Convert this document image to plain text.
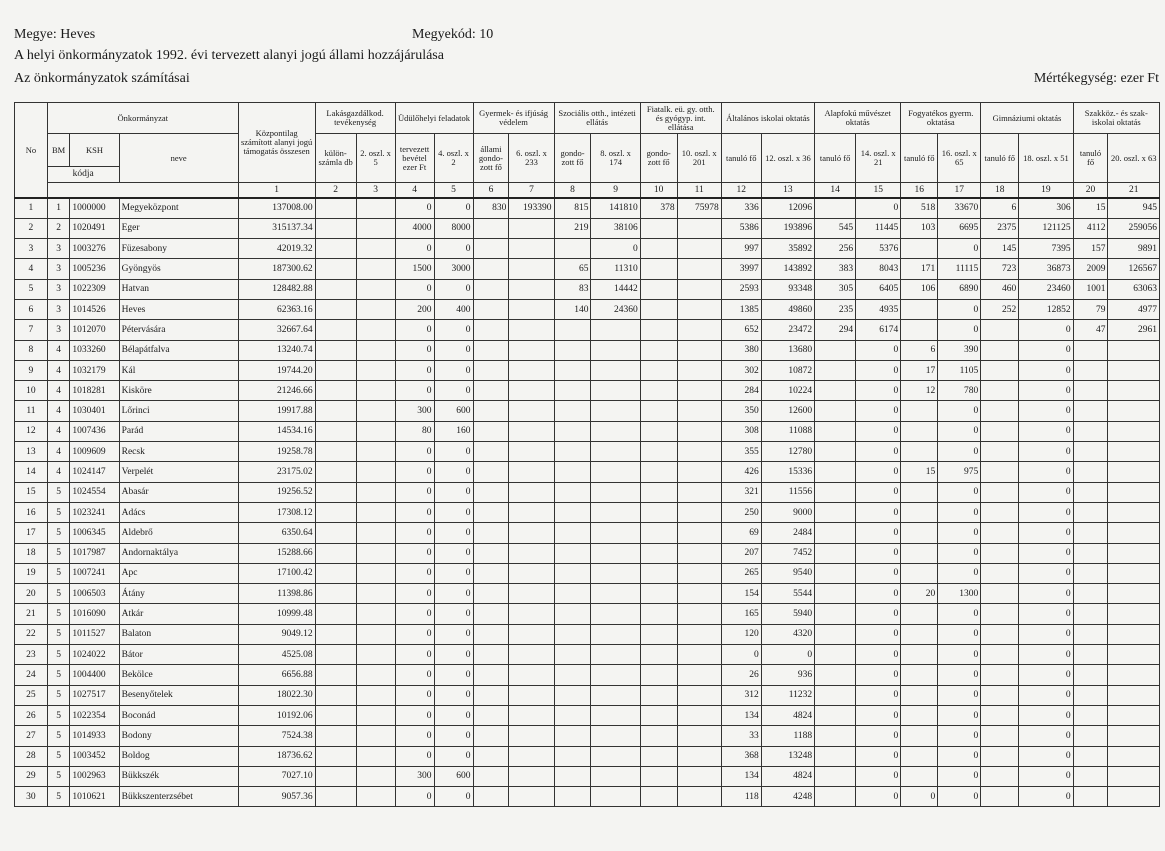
Megye: Heves	Megyekód: 10
A helyi önkormányzatok 1992. évi tervezett alanyi jogú állami hozzájárulása
Az önkormányzatok számításai	Mértékegység: ezer Ft
No	Önkormányzat			Központilag számított alanyi jogú támogatás összesen	Lakásgazdálkod. tevékenység		Üdülőhelyi feladatok		Gyermek- és ifjúság védelem		Szociális otth., intézeti ellátás		Fiatalk. eü. gy. otth. és gyógyp. int. ellátása		Általános iskolai oktatás		Alapfokú művészet oktatás		Fogyatékos gyerm. oktatása		Gimnáziumi oktatás		Szakköz.- és szak-iskolai oktatás	
	BM	KSH	neve		külön-számla db	2. oszl. x 5	tervezett bevétel ezer Ft	4. oszl. x 2	állami gondo-zott fő	6. oszl. x 233	gondo-zott fő	8. oszl. x 174	gondo-zott fő	10. oszl. x 201	tanuló fő	12. oszl. x 36	tanuló fő	14. oszl. x 21	tanuló fő	16. oszl. x 65	tanuló fő	18. oszl. x 51	tanuló fő	20. oszl. x 63
	kódja																							
				1	2	3	4	5	6	7	8	9	10	11	12	13	14	15	16	17	18	19	20	21
1	1	1000000	Megyeközpont	137008.00			0	0	830	193390	815	141810	378	75978	336	12096		0	518	33670	6	306	15	945
2	2	1020491	Eger	315137.34			4000	8000			219	38106			5386	193896	545	11445	103	6695	2375	121125	4112	259056
3	3	1003276	Füzesabony	42019.32			0	0				0			997	35892	256	5376		0	145	7395	157	9891
4	3	1005236	Gyöngyös	187300.62			1500	3000			65	11310			3997	143892	383	8043	171	11115	723	36873	2009	126567
5	3	1022309	Hatvan	128482.88			0	0			83	14442			2593	93348	305	6405	106	6890	460	23460	1001	63063
6	3	1014526	Heves	62363.16			200	400			140	24360			1385	49860	235	4935		0	252	12852	79	4977
7	3	1012070	Pétervására	32667.64			0	0							652	23472	294	6174		0		0	47	2961
8	4	1033260	Bélapátfalva	13240.74			0	0							380	13680		0	6	390		0		
9	4	1032179	Kál	19744.20			0	0							302	10872		0	17	1105		0		
10	4	1018281	Kisköre	21246.66			0	0							284	10224		0	12	780		0		
11	4	1030401	Lőrinci	19917.88			300	600							350	12600		0		0		0		
12	4	1007436	Parád	14534.16			80	160							308	11088		0		0		0		
13	4	1009609	Recsk	19258.78			0	0							355	12780		0		0		0		
14	4	1024147	Verpelét	23175.02			0	0							426	15336		0	15	975		0		
15	5	1024554	Abasár	19256.52			0	0							321	11556		0		0		0		
16	5	1023241	Adács	17308.12			0	0							250	9000		0		0		0		
17	5	1006345	Aldebrő	6350.64			0	0							69	2484		0		0		0		
18	5	1017987	Andornaktálya	15288.66			0	0							207	7452		0		0		0		
19	5	1007241	Apc	17100.42			0	0							265	9540		0		0		0		
20	5	1006503	Átány	11398.86			0	0							154	5544		0	20	1300		0		
21	5	1016090	Atkár	10999.48			0	0							165	5940		0		0		0		
22	5	1011527	Balaton	9049.12			0	0							120	4320		0		0		0		
23	5	1024022	Bátor	4525.08			0	0							0	0		0		0		0		
24	5	1004400	Bekölce	6656.88			0	0							26	936		0		0		0		
25	5	1027517	Besenyőtelek	18022.30			0	0							312	11232		0		0		0		
26	5	1022354	Boconád	10192.06			0	0							134	4824		0		0		0		
27	5	1014933	Bodony	7524.38			0	0							33	1188		0		0		0		
28	5	1003452	Boldog	18736.62			0	0							368	13248		0		0		0		
29	5	1002963	Bükkszék	7027.10			300	600							134	4824		0		0		0		
30	5	1010621	Bükkszenterzsébet	9057.36			0	0							118	4248		0	0	0		0		
